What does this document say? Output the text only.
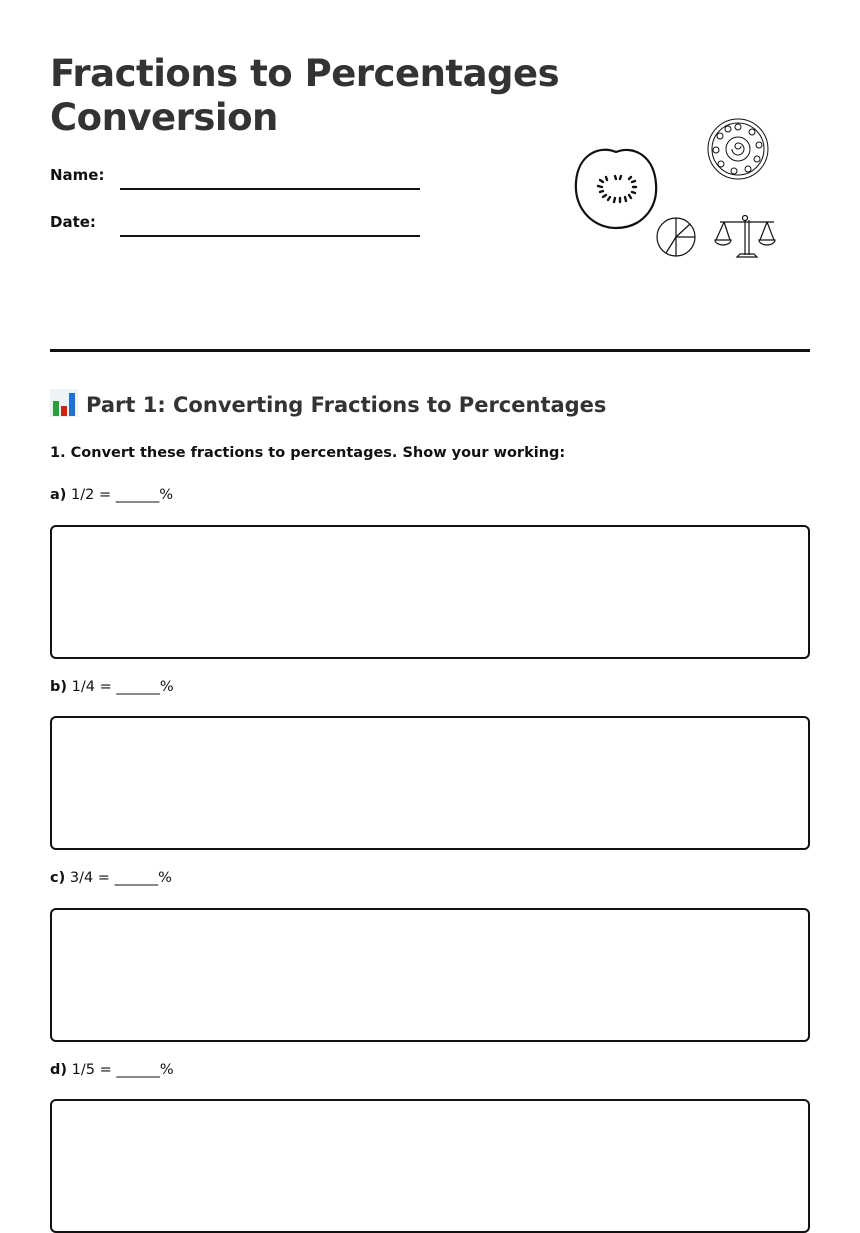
Fractions to Percentages
Conversion
Name:
Date:
Part 1: Converting Fractions to Percentages
1. Convert these fractions to percentages. Show your working:
a) 1/2 = ______%
b) 1/4 = ______%
c) 3/4 = ______%
d) 1/5 = ______%
